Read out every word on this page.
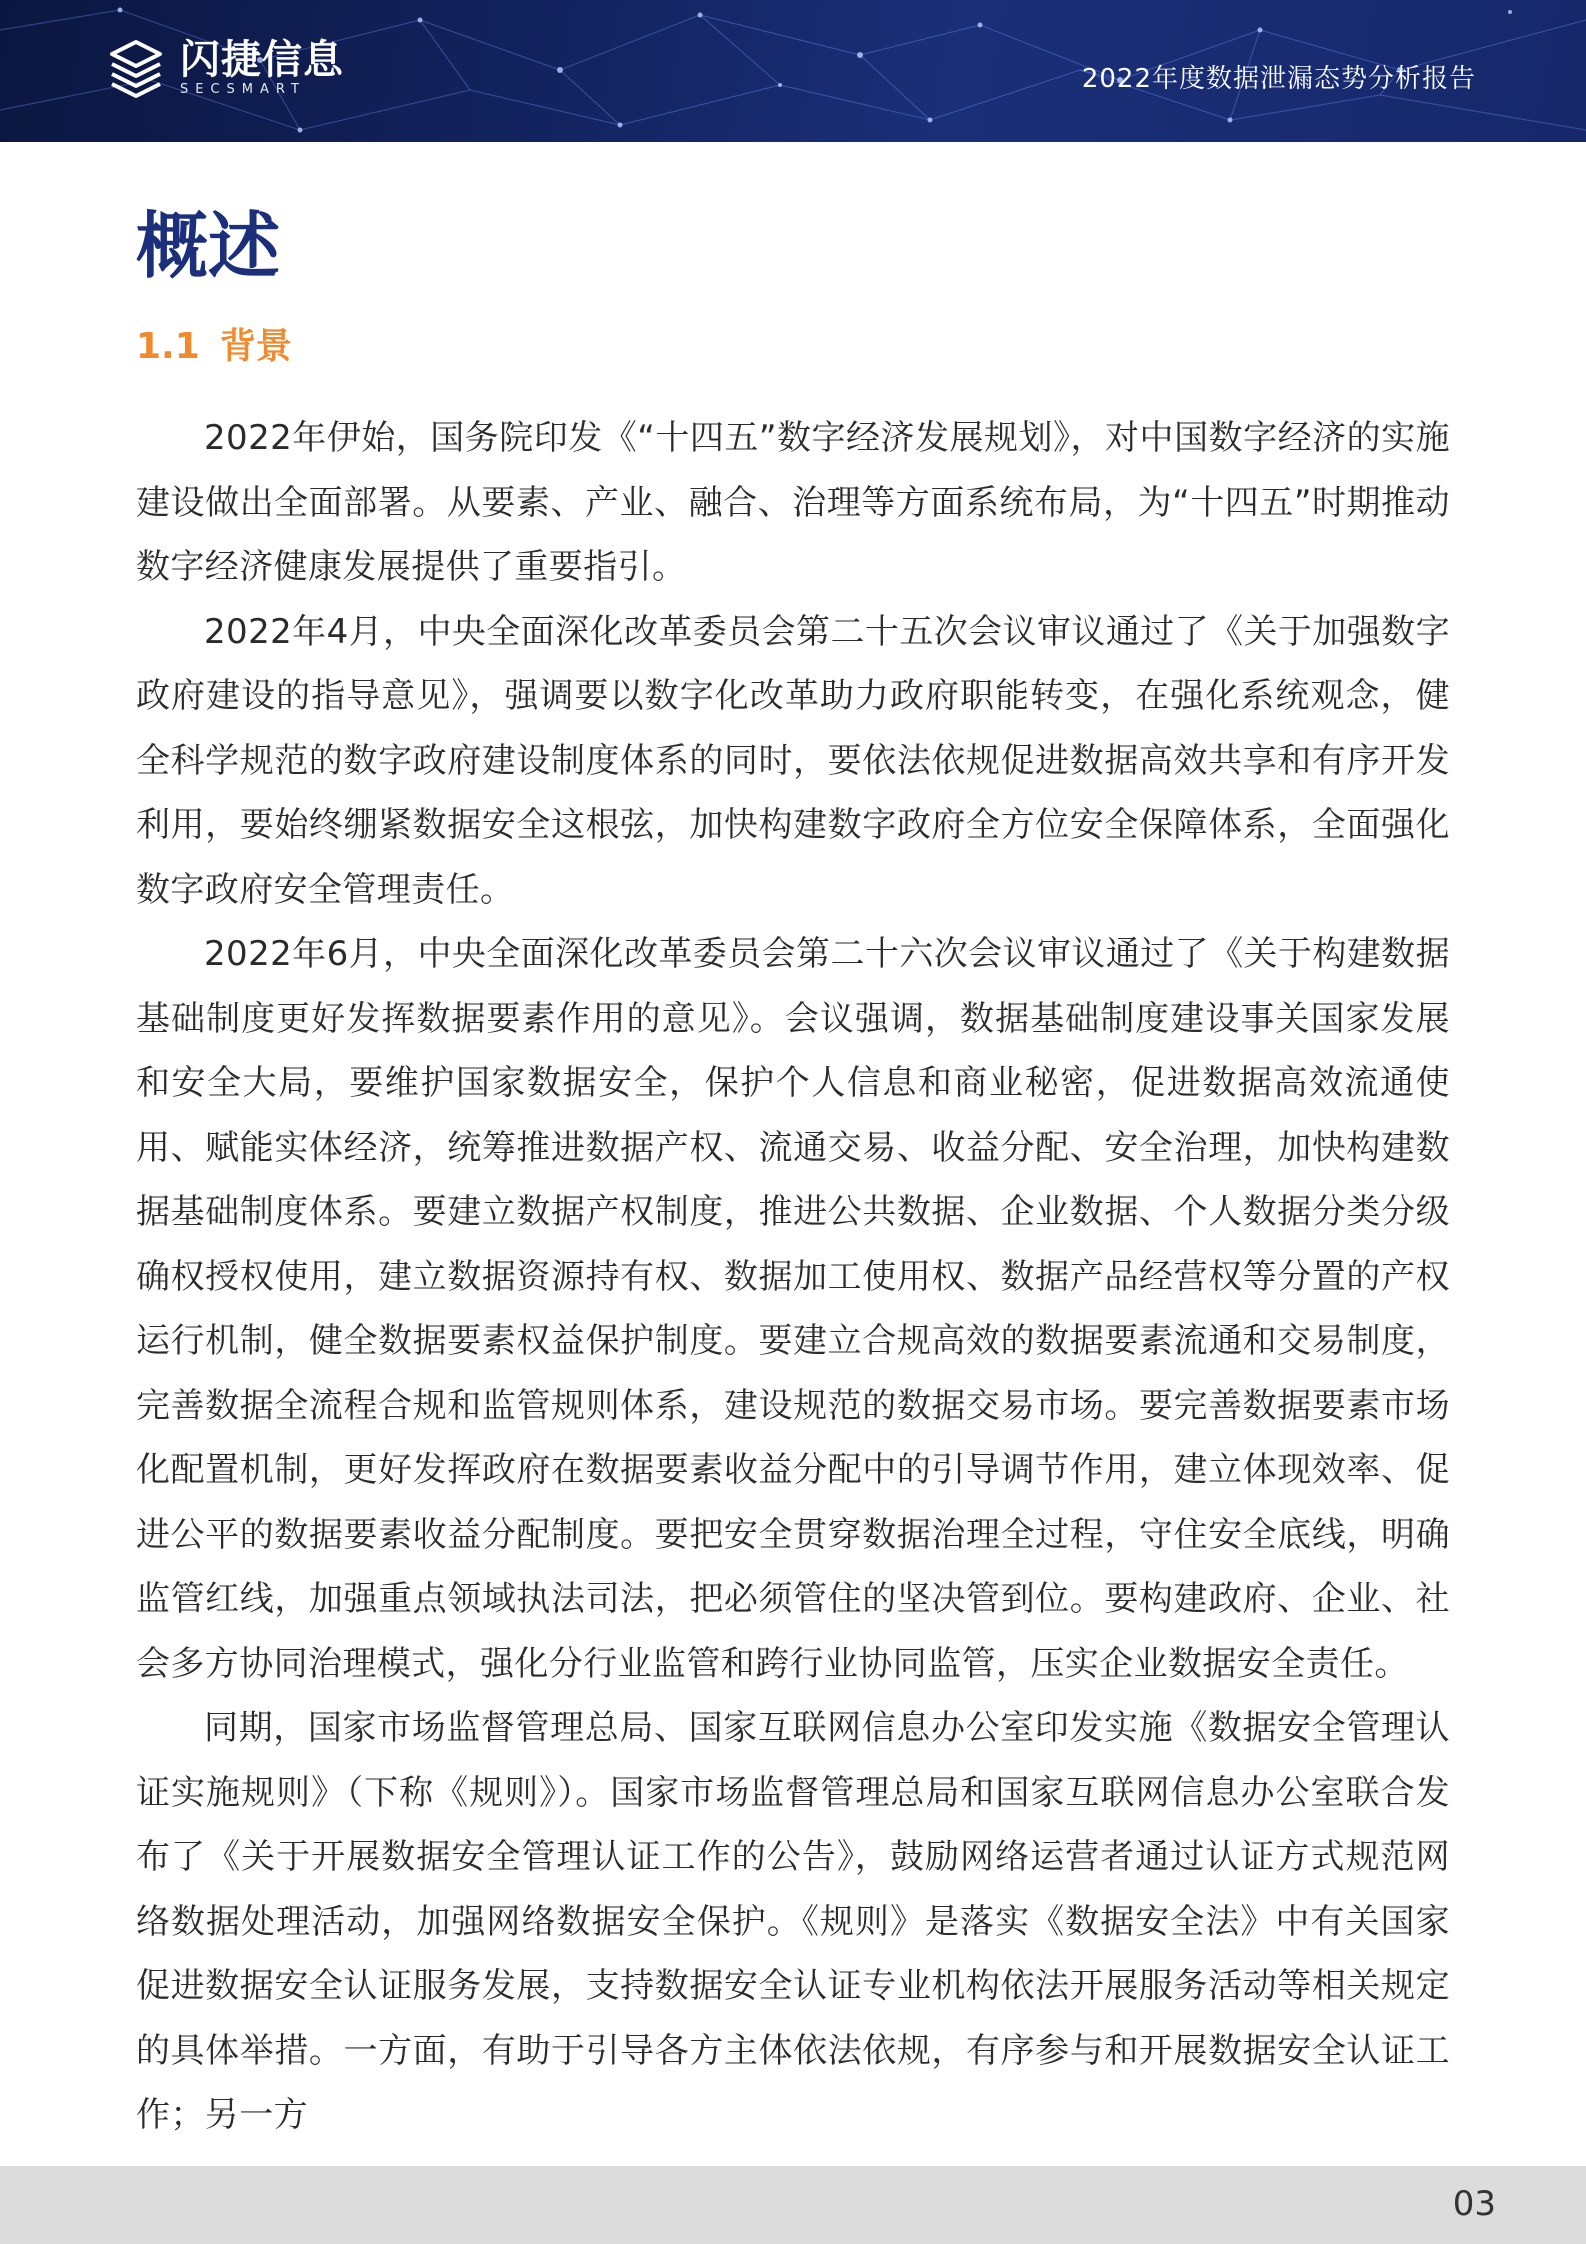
闪捷信息
SECSMART	2022年度数据泄漏态势分析报告
概述
1.1 背景

2022年伊始，国务院印发《“十四五”数字经济发展规划》，对中国数字经济的实施建设做出全面部署。从要素、产业、融合、治理等方面系统布局，为“十四五”时期推动数字经济健康发展提供了重要指引。

2022年4月，中央全面深化改革委员会第二十五次会议审议通过了《关于加强数字政府建设的指导意见》，强调要以数字化改革助力政府职能转变，在强化系统观念，健全科学规范的数字政府建设制度体系的同时，要依法依规促进数据高效共享和有序开发利用，要始终绷紧数据安全这根弦，加快构建数字政府全方位安全保障体系，全面强化数字政府安全管理责任。

2022年6月，中央全面深化改革委员会第二十六次会议审议通过了《关于构建数据基础制度更好发挥数据要素作用的意见》。会议强调，数据基础制度建设事关国家发展和安全大局，要维护国家数据安全，保护个人信息和商业秘密，促进数据高效流通使用、赋能实体经济，统筹推进数据产权、流通交易、收益分配、安全治理，加快构建数据基础制度体系。要建立数据产权制度，推进公共数据、企业数据、个人数据分类分级确权授权使用，建立数据资源持有权、数据加工使用权、数据产品经营权等分置的产权运行机制，健全数据要素权益保护制度。要建立合规高效的数据要素流通和交易制度，完善数据全流程合规和监管规则体系，建设规范的数据交易市场。要完善数据要素市场化配置机制，更好发挥政府在数据要素收益分配中的引导调节作用，建立体现效率、促进公平的数据要素收益分配制度。要把安全贯穿数据治理全过程，守住安全底线，明确监管红线，加强重点领域执法司法，把必须管住的坚决管到位。要构建政府、企业、社会多方协同治理模式，强化分行业监管和跨行业协同监管，压实企业数据安全责任。

同期，国家市场监督管理总局、国家互联网信息办公室印发实施《数据安全管理认证实施规则》（下称《规则》）。国家市场监督管理总局和国家互联网信息办公室联合发布了《关于开展数据安全管理认证工作的公告》，鼓励网络运营者通过认证方式规范网络数据处理活动，加强网络数据安全保护。《规则》是落实《数据安全法》中有关国家促进数据安全认证服务发展，支持数据安全认证专业机构依法开展服务活动等相关规定的具体举措。一方面，有助于引导各方主体依法依规，有序参与和开展数据安全认证工作；另一方

03
